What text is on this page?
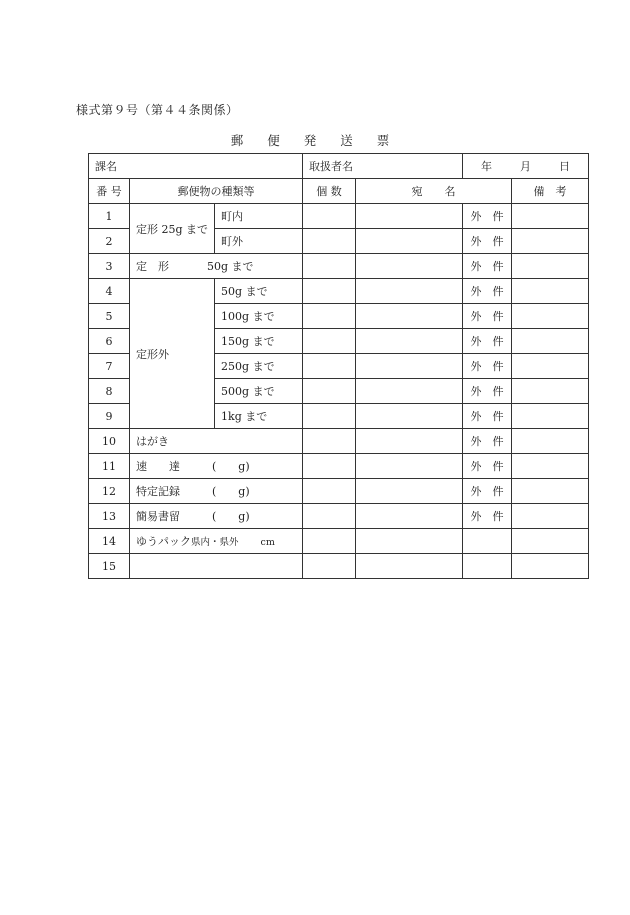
様式第９号（第４４条関係）
郵 便 発 送 票
課名			取扱者名		年 月 日	
番 号	郵便物の種類等		個 数	宛　　名		備　考
1	定形 25g まで	町内			外　件	
2		町外			外　件	
3	定　形 50g まで				外　件	
4	定形外	50g まで			外　件	
5		100g まで			外　件	
6		150g まで			外　件	
7		250g まで			外　件	
8		500g まで			外　件	
9		1kg まで			外　件	
10	はがき				外　件	
11	速　　達 (　　g)				外　件	
12	特定記録 (　　g)				外　件	
13	簡易書留 (　　g)				外　件	
14	ゆうパック県内・県外 cm					
15						
